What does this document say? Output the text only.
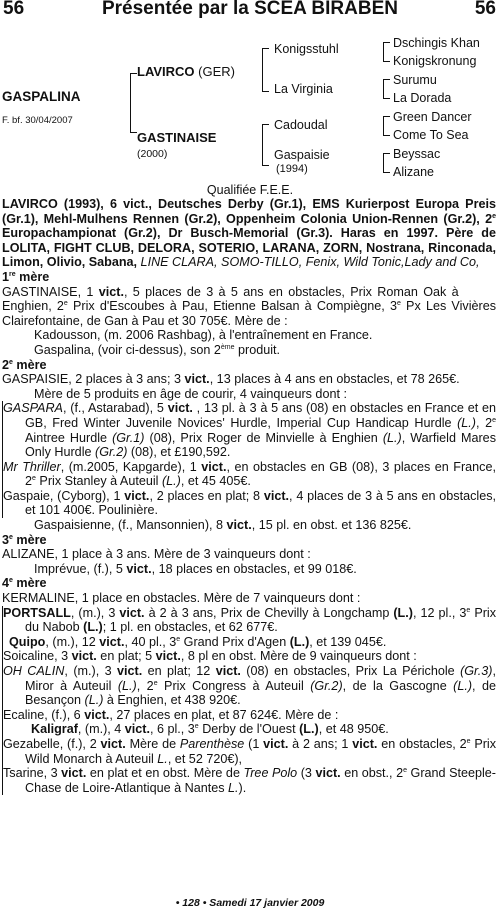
56	Présentée par la SCEA BIRABEN	56
GASPALINA
F. bf. 30/04/2007
LAVIRCO (GER)
GASTINAISE
(2000)
Konigsstuhl
La Virginia
Cadoudal
Gaspaisie
(1994)
Dschingis Khan
Konigskronung
Surumu
La Dorada
Green Dancer
Come To Sea
Beyssac
Alizane
Qualifiée F.E.E.

LAVIRCO (1993), 6 vict., Deutsches Derby (Gr.1), EMS Kurierpost Europa Preis (Gr.1), Mehl-Mulhens Rennen (Gr.2), Oppenheim Colonia Union-Rennen (Gr.2), 2e Europachampionat (Gr.2), Dr Busch-Memorial (Gr.3). Haras en 1997. Père de LOLITA, FIGHT CLUB, DELORA, SOTERIO, LARANA, ZORN, Nostrana, Rinconada, Limon, Olivio, Sabana, LINE CLARA, SOMO-TILLO, Fenix, Wild Tonic,Lady and Co,

1re mère

GASTINAISE, 1 vict., 5 places de 3 à 5 ans en obstacles, Prix Roman Oak à Enghien, 2e Prix d'Escoubes à Pau, Etienne Balsan à Compiègne, 3e Px Les Vivières Clairefontaine, de Gan à Pau et 30 705€. Mère de :

Kadousson, (m. 2006 Rashbag), à l'entraînement en France.

Gaspalina, (voir ci-dessus), son 2ème produit.

2e mère

GASPAISIE, 2 places à 3 ans; 3 vict., 13 places à 4 ans en obstacles, et 78 265€.

Mère de 5 produits en âge de courir, 4 vainqueurs dont :

GASPARA, (f., Astarabad), 5 vict. , 13 pl. à 3 à 5 ans (08) en obstacles en France et en GB, Fred Winter Juvenile Novices' Hurdle, Imperial Cup Handicap Hurdle (L.), 2e Aintree Hurdle (Gr.1) (08), Prix Roger de Minvielle à Enghien (L.), Warfield Mares Only Hurdle (Gr.2) (08), et £190,592.

Mr Thriller, (m.2005, Kapgarde), 1 vict., en obstacles en GB (08), 3 places en France, 2e Prix Stanley à Auteuil (L.), et 45 405€.

Gaspaie, (Cyborg), 1 vict., 2 places en plat; 8 vict., 4 places de 3 à 5 ans en obstacles, et 101 400€. Poulinière.

Gaspaisienne, (f., Mansonnien), 8 vict., 15 pl. en obst. et 136 825€.

3e mère

ALIZANE, 1 place à 3 ans. Mère de 3 vainqueurs dont :

Imprévue, (f.), 5 vict., 18 places en obstacles, et 99 018€.

4e mère

KERMALINE, 1 place en obstacles. Mère de 7 vainqueurs dont :

PORTSALL, (m.), 3 vict. à 2 à 3 ans, Prix de Chevilly à Longchamp (L.), 12 pl., 3e Prix du Nabob (L.); 1 pl. en obstacles, et 62 677€.

Quipo, (m.), 12 vict., 40 pl., 3e Grand Prix d'Agen (L.), et 139 045€.

Soicaline, 3 vict. en plat; 5 vict., 8 pl en obst. Mère de 9 vainqueurs dont :

OH CALIN, (m.), 3 vict. en plat; 12 vict. (08) en obstacles, Prix La Périchole (Gr.3), Miror à Auteuil (L.), 2e Prix Congress à Auteuil (Gr.2), de la Gascogne (L.), de Besançon (L.) à Enghien, et 438 920€.

Ecaline, (f.), 6 vict., 27 places en plat, et 87 624€. Mère de :

Kaligraf, (m.), 4 vict., 6 pl., 3e Derby de l'Ouest (L.), et 48 950€.

Gezabelle, (f.), 2 vict. Mère de Parenthèse (1 vict. à 2 ans; 1 vict. en obstacles, 2e Prix Wild Monarch à Auteuil L., et 52 720€),

Tsarine, 3 vict. en plat et en obst. Mère de Tree Polo (3 vict. en obst., 2e Grand Steeple-Chase de Loire-Atlantique à Nantes L.).

• 128 • Samedi 17 janvier 2009
